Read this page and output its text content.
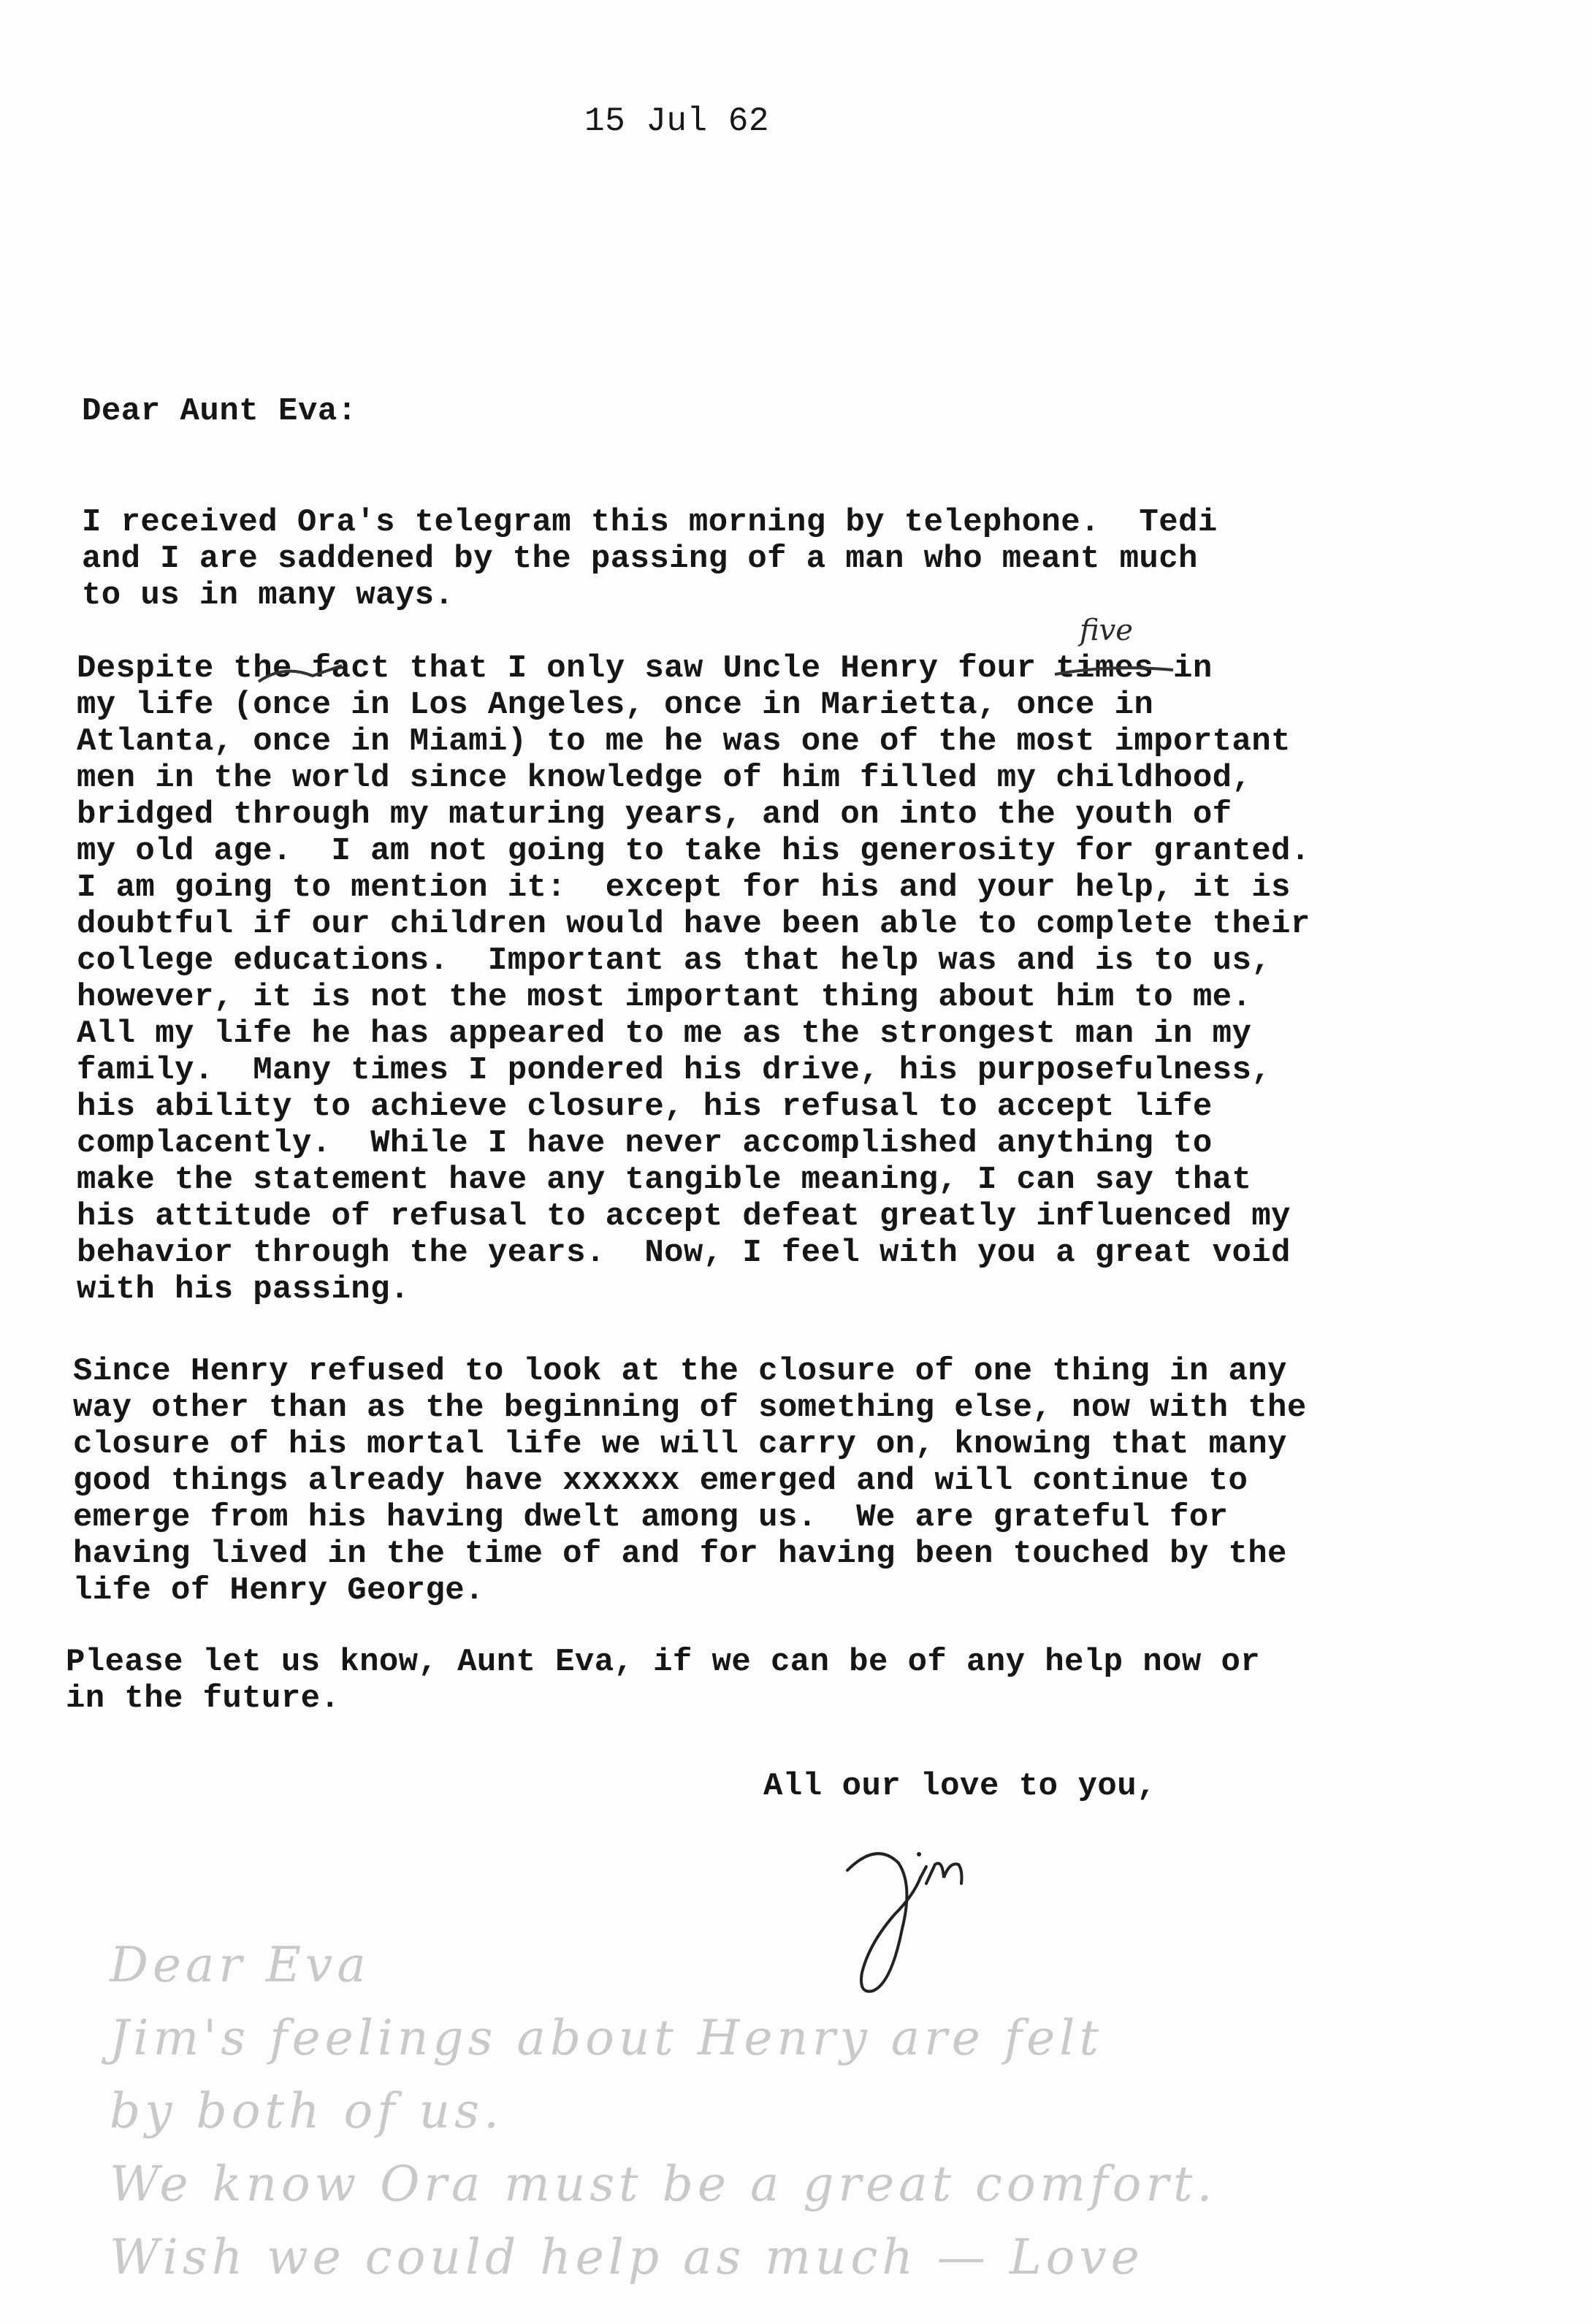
15 Jul 62
Dear Aunt Eva:
I received Ora's telegram this morning by telephone.  Tedi
and I are saddened by the passing of a man who meant much
to us in many ways.
five
Despite the fact that I only saw Uncle Henry four times in
my life (once in Los Angeles, once in Marietta, once in
Atlanta, once in Miami) to me he was one of the most important
men in the world since knowledge of him filled my childhood,
bridged through my maturing years, and on into the youth of
my old age.  I am not going to take his generosity for granted.
I am going to mention it:  except for his and your help, it is
doubtful if our children would have been able to complete their
college educations.  Important as that help was and is to us,
however, it is not the most important thing about him to me.
All my life he has appeared to me as the strongest man in my
family.  Many times I pondered his drive, his purposefulness,
his ability to achieve closure, his refusal to accept life
complacently.  While I have never accomplished anything to
make the statement have any tangible meaning, I can say that
his attitude of refusal to accept defeat greatly influenced my
behavior through the years.  Now, I feel with you a great void
with his passing.
Since Henry refused to look at the closure of one thing in any
way other than as the beginning of something else, now with the
closure of his mortal life we will carry on, knowing that many
good things already have xxxxxx emerged and will continue to
emerge from his having dwelt among us.  We are grateful for
having lived in the time of and for having been touched by the
life of Henry George.
Please let us know, Aunt Eva, if we can be of any help now or
in the future.
All our love to you,
Dear Eva
Jim's feelings about Henry are felt
by both of us.
We know Ora must be a great comfort.
Wish we could help as much — Love
